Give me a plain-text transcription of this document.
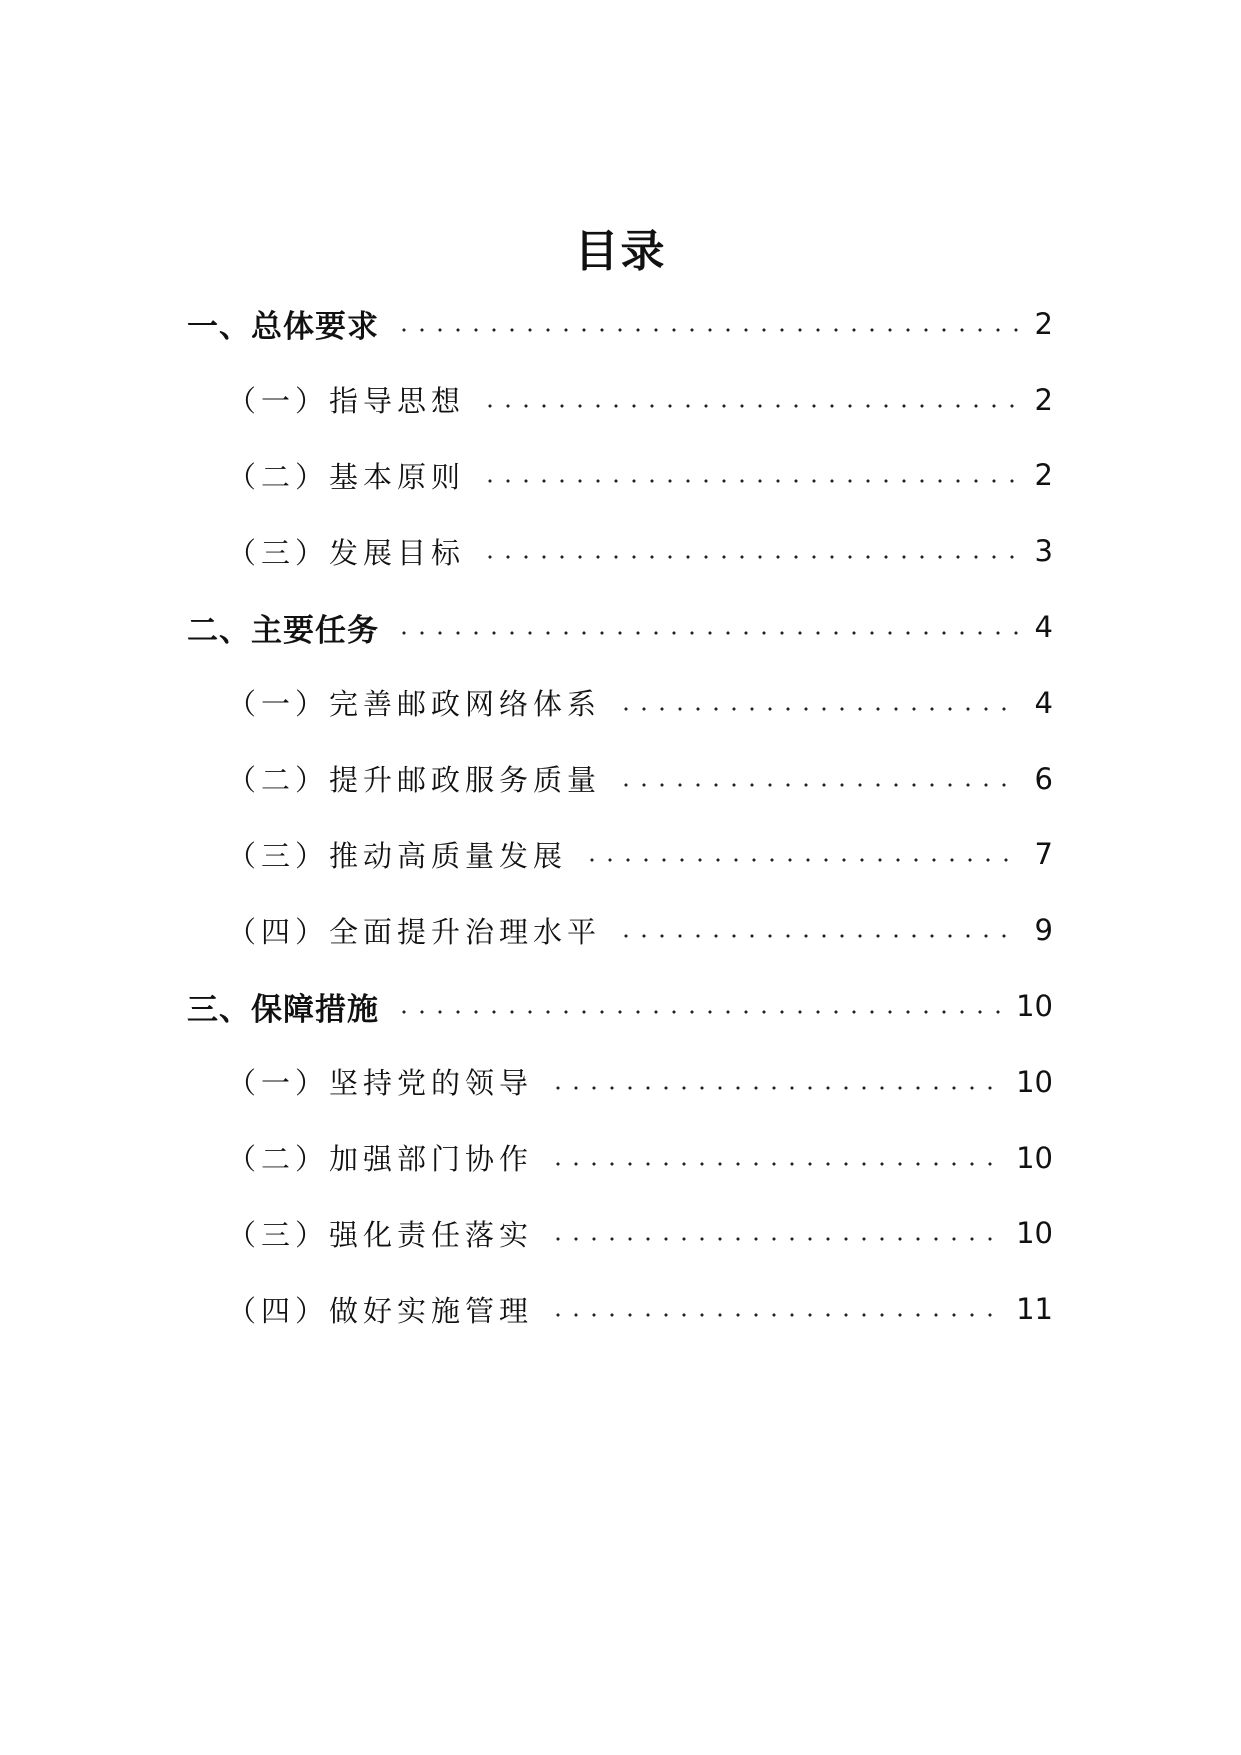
目录
一、总体要求	2
（一）指导思想	2
（二）基本原则	2
（三）发展目标	3
二、主要任务	4
（一）完善邮政网络体系	4
（二）提升邮政服务质量	6
（三）推动高质量发展	7
（四）全面提升治理水平	9
三、保障措施	10
（一）坚持党的领导	10
（二）加强部门协作	10
（三）强化责任落实	10
（四）做好实施管理	11
